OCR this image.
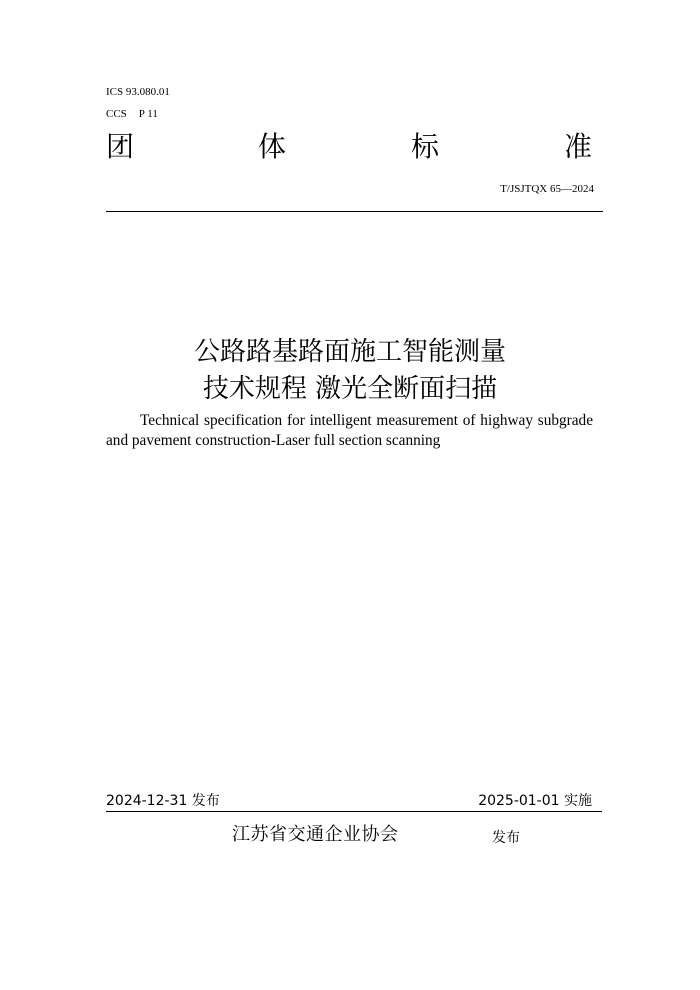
ICS 93.080.01
CCS P 11
团	体	标	准
T/JSJTQX 65—2024
公路路基路面施工智能测量
技术规程 激光全断面扫描
Technical specification for intelligent measurement of highway subgrade and pavement construction-Laser full section scanning
2024-12-31 发布	2025-01-01 实施
江苏省交通企业协会	发布
